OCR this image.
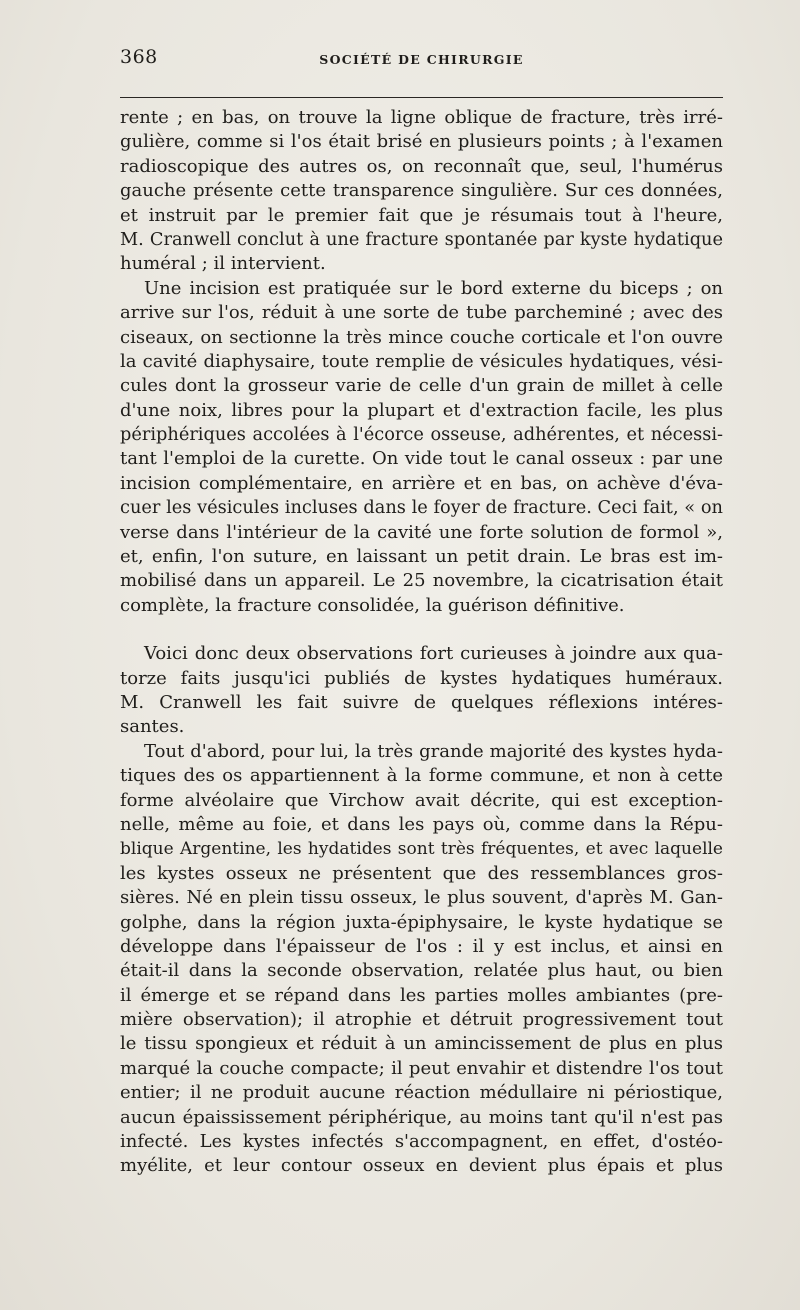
368	SOCIÉTÉ DE CHIRURGIE
rente ; en bas, on trouve la ligne oblique de fracture, très irré-
gulière, comme si l'os était brisé en plusieurs points ; à l'examen
radioscopique des autres os, on reconnaît que, seul, l'humérus
gauche présente cette transparence singulière. Sur ces données,
et instruit par le premier fait que je résumais tout à l'heure,
M. Cranwell conclut à une fracture spontanée par kyste hydatique
huméral ; il intervient.
Une incision est pratiquée sur le bord externe du biceps ; on
arrive sur l'os, réduit à une sorte de tube parcheminé ; avec des
ciseaux, on sectionne la très mince couche corticale et l'on ouvre
la cavité diaphysaire, toute remplie de vésicules hydatiques, vési-
cules dont la grosseur varie de celle d'un grain de millet à celle
d'une noix, libres pour la plupart et d'extraction facile, les plus
périphériques accolées à l'écorce osseuse, adhérentes, et nécessi-
tant l'emploi de la curette. On vide tout le canal osseux : par une
incision complémentaire, en arrière et en bas, on achève d'éva-
cuer les vésicules incluses dans le foyer de fracture. Ceci fait, « on
verse dans l'intérieur de la cavité une forte solution de formol »,
et, enfin, l'on suture, en laissant un petit drain. Le bras est im-
mobilisé dans un appareil. Le 25 novembre, la cicatrisation était
complète, la fracture consolidée, la guérison définitive.
Voici donc deux observations fort curieuses à joindre aux qua-
torze faits jusqu'ici publiés de kystes hydatiques huméraux.
M. Cranwell les fait suivre de quelques réflexions intéres-
santes.
Tout d'abord, pour lui, la très grande majorité des kystes hyda-
tiques des os appartiennent à la forme commune, et non à cette
forme alvéolaire que Virchow avait décrite, qui est exception-
nelle, même au foie, et dans les pays où, comme dans la Répu-
blique Argentine, les hydatides sont très fréquentes, et avec laquelle
les kystes osseux ne présentent que des ressemblances gros-
sières. Né en plein tissu osseux, le plus souvent, d'après M. Gan-
golphe, dans la région juxta-épiphysaire, le kyste hydatique se
développe dans l'épaisseur de l'os : il y est inclus, et ainsi en
était-il dans la seconde observation, relatée plus haut, ou bien
il émerge et se répand dans les parties molles ambiantes (pre-
mière observation); il atrophie et détruit progressivement tout
le tissu spongieux et réduit à un amincissement de plus en plus
marqué la couche compacte; il peut envahir et distendre l'os tout
entier; il ne produit aucune réaction médullaire ni périostique,
aucun épaississement périphérique, au moins tant qu'il n'est pas
infecté. Les kystes infectés s'accompagnent, en effet, d'ostéo-
myélite, et leur contour osseux en devient plus épais et plus
